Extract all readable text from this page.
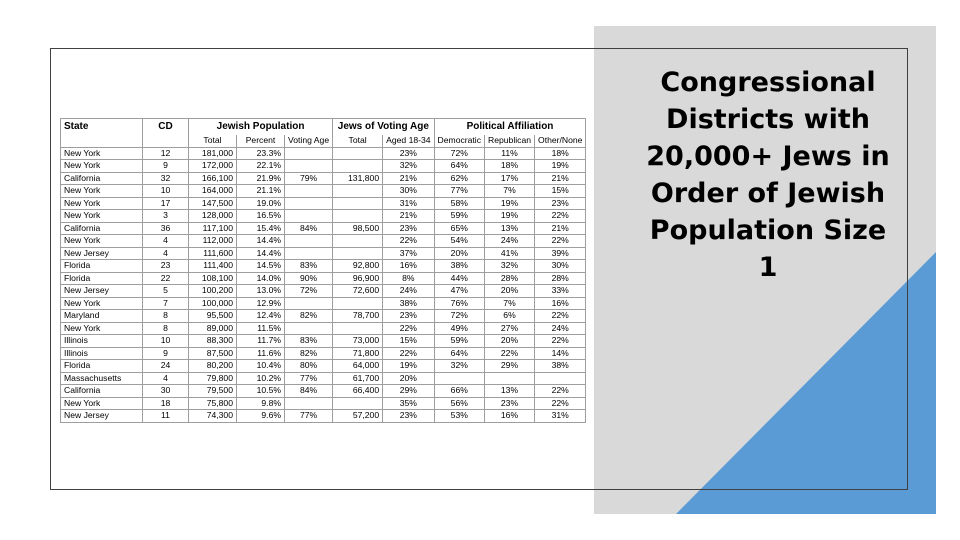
Congressional
Districts with
20,000+ Jews in
Order of Jewish
Population Size
1
State	CD	Jewish Population			Jews of Voting Age		Political Affiliation		
		Total	Percent	Voting Age	Total	Aged 18-34	Democratic	Republican	Other/None
New York	12	181,000	23.3%			23%	72%	11%	18%
New York	9	172,000	22.1%			32%	64%	18%	19%
California	32	166,100	21.9%	79%	131,800	21%	62%	17%	21%
New York	10	164,000	21.1%			30%	77%	7%	15%
New York	17	147,500	19.0%			31%	58%	19%	23%
New York	3	128,000	16.5%			21%	59%	19%	22%
California	36	117,100	15.4%	84%	98,500	23%	65%	13%	21%
New York	4	112,000	14.4%			22%	54%	24%	22%
New Jersey	4	111,600	14.4%			37%	20%	41%	39%
Florida	23	111,400	14.5%	83%	92,800	16%	38%	32%	30%
Florida	22	108,100	14.0%	90%	96,900	8%	44%	28%	28%
New Jersey	5	100,200	13.0%	72%	72,600	24%	47%	20%	33%
New York	7	100,000	12.9%			38%	76%	7%	16%
Maryland	8	95,500	12.4%	82%	78,700	23%	72%	6%	22%
New York	8	89,000	11.5%			22%	49%	27%	24%
Illinois	10	88,300	11.7%	83%	73,000	15%	59%	20%	22%
Illinois	9	87,500	11.6%	82%	71,800	22%	64%	22%	14%
Florida	24	80,200	10.4%	80%	64,000	19%	32%	29%	38%
Massachusetts	4	79,800	10.2%	77%	61,700	20%			
California	30	79,500	10.5%	84%	66,400	29%	66%	13%	22%
New York	18	75,800	9.8%			35%	56%	23%	22%
New Jersey	11	74,300	9.6%	77%	57,200	23%	53%	16%	31%
